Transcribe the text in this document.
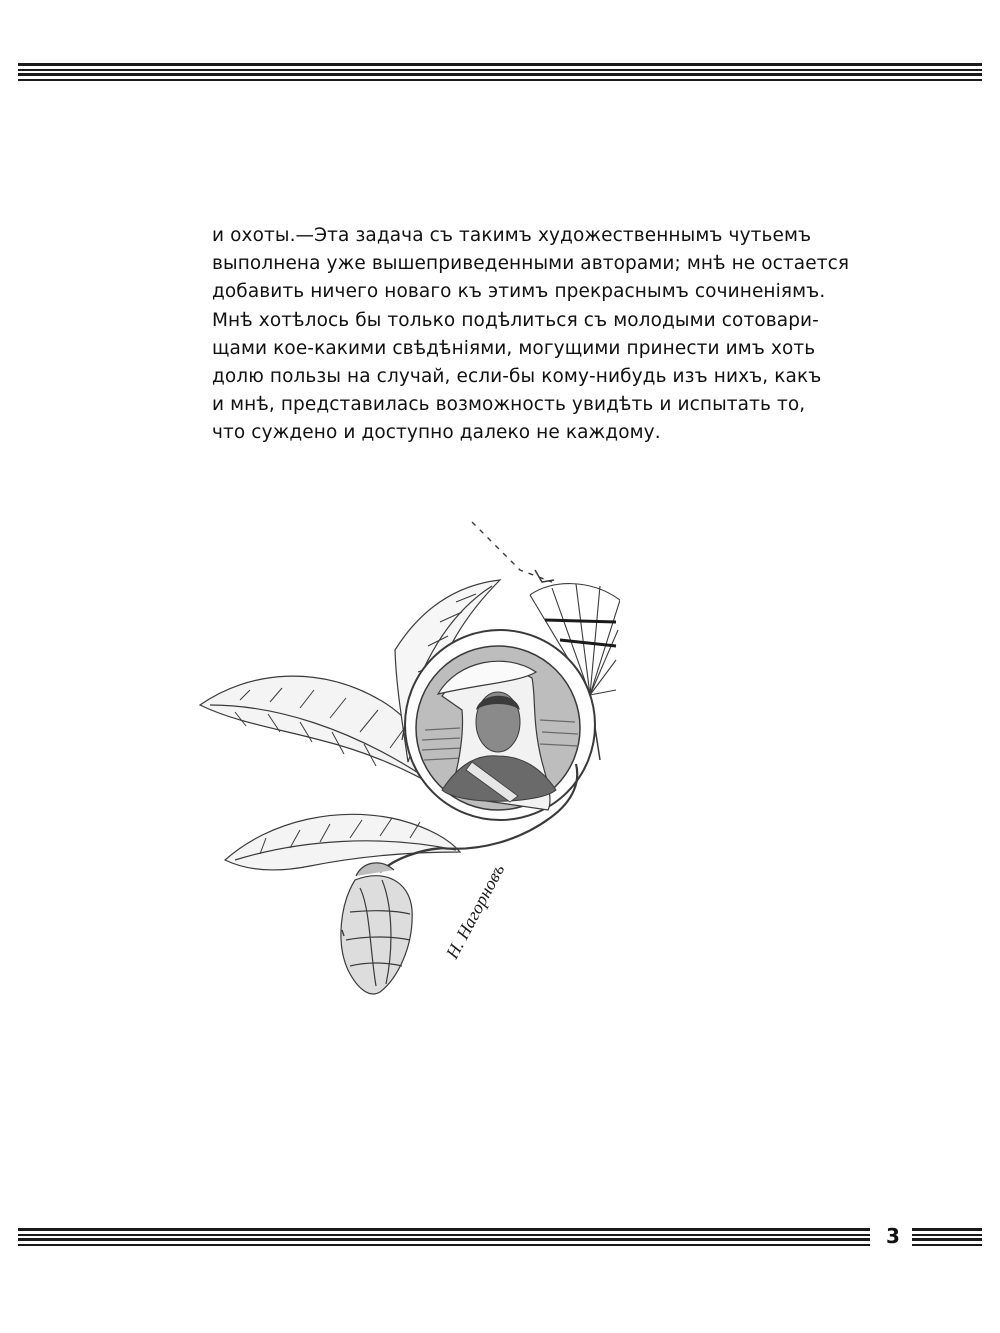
и охоты.—Эта задача съ такимъ художественнымъ чутьемъ
выполнена уже вышеприведенными авторами; мнѣ не остается
добавить ничего новаго къ этимъ прекраснымъ сочиненіямъ.
Мнѣ хотѣлось бы только подѣлиться съ молодыми сотовари-
щами кое-какими свѣдѣніями, могущими принести имъ хоть
долю пользы на случай, если-бы кому-нибудь изъ нихъ, какъ
и мнѣ, представилась возможность увидѣть и испытать то,
что суждено и доступно далеко не каждому.
Н. Нагорновъ
3
